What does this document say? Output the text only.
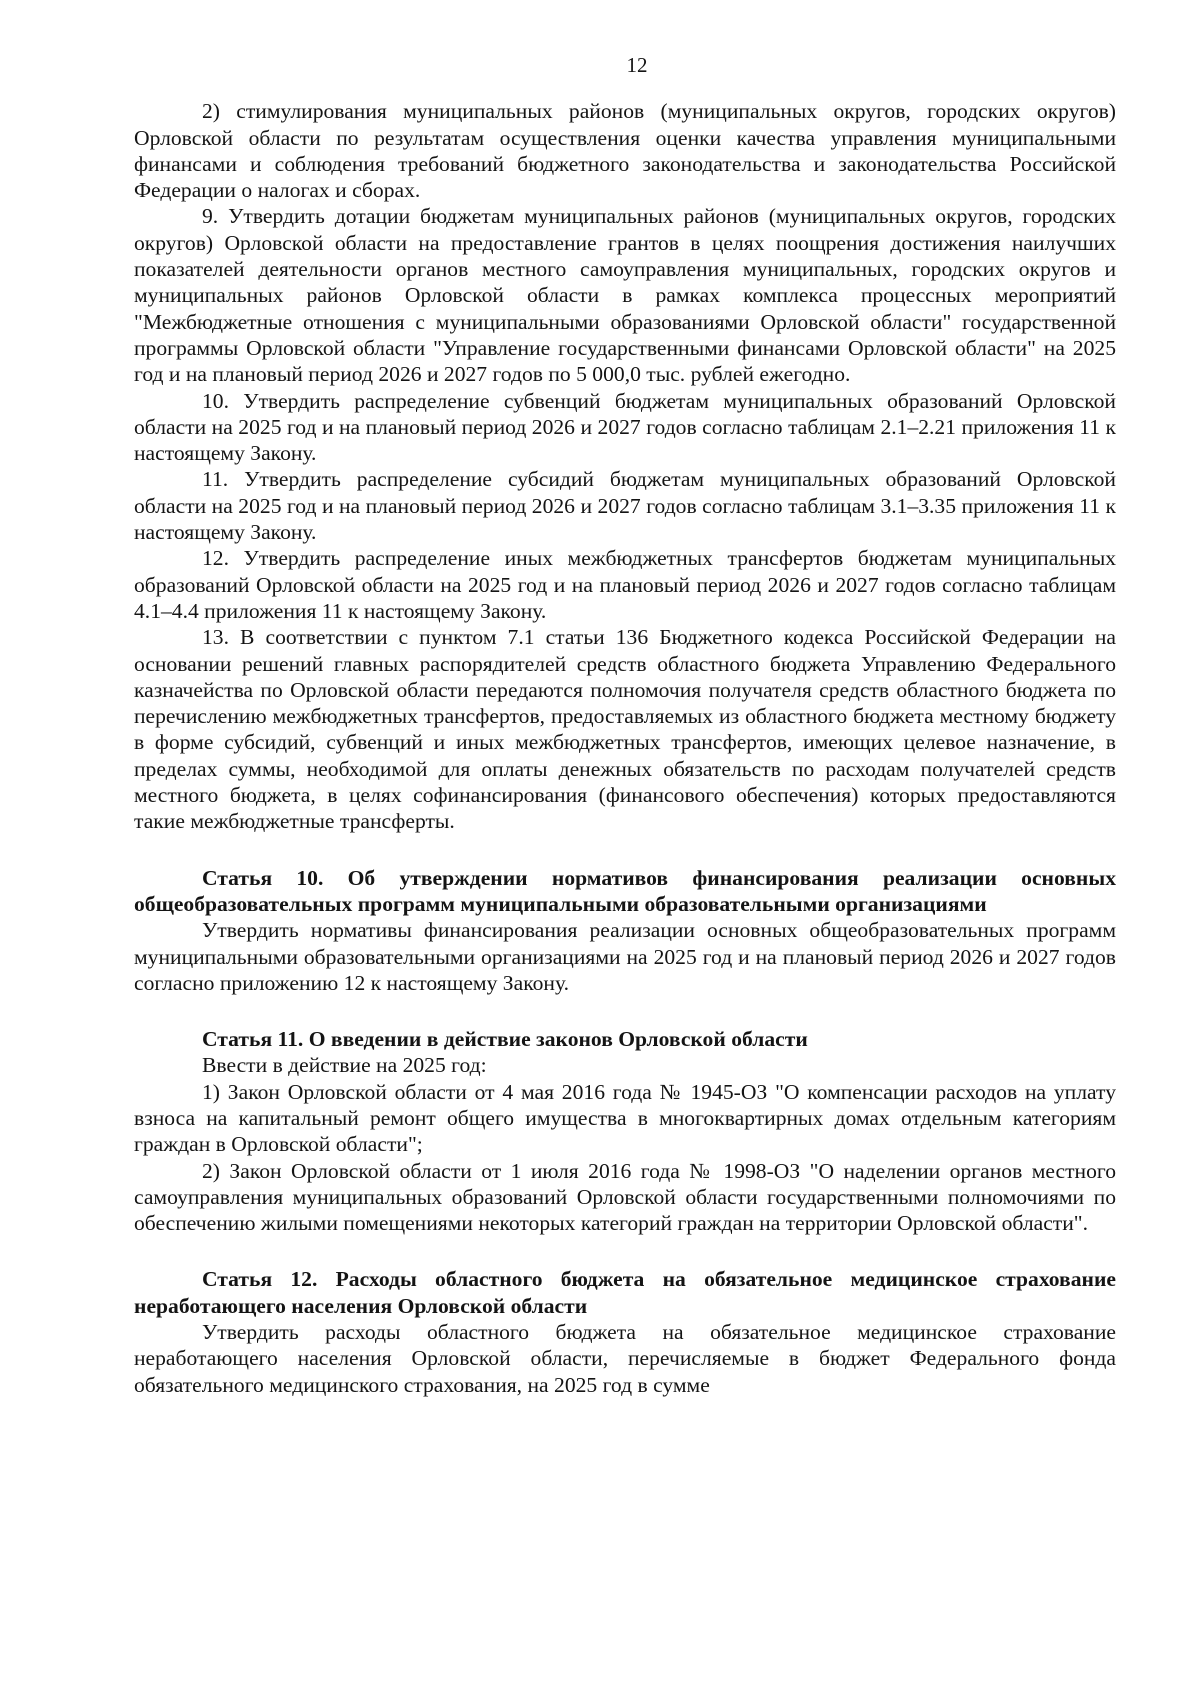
12

2) стимулирования муниципальных районов (муниципальных округов, городских округов) Орловской области по результатам осуществления оценки качества управления муниципальными финансами и соблюдения требований бюджетного законодательства и законодательства Российской Федерации о налогах и сборах.

9. Утвердить дотации бюджетам муниципальных районов (муниципальных округов, городских округов) Орловской области на предоставление грантов в целях поощрения достижения наилучших показателей деятельности органов местного самоуправления муниципальных, городских округов и муниципальных районов Орловской области в рамках комплекса процессных мероприятий "Межбюджетные отношения с муниципальными образованиями Орловской области" государственной программы Орловской области "Управление государственными финансами Орловской области" на 2025 год и на плановый период 2026 и 2027 годов по 5 000,0 тыс. рублей ежегодно.

10. Утвердить распределение субвенций бюджетам муниципальных образований Орловской области на 2025 год и на плановый период 2026 и 2027 годов согласно таблицам 2.1–2.21 приложения 11 к настоящему Закону.

11. Утвердить распределение субсидий бюджетам муниципальных образований Орловской области на 2025 год и на плановый период 2026 и 2027 годов согласно таблицам 3.1–3.35 приложения 11 к настоящему Закону.

12. Утвердить распределение иных межбюджетных трансфертов бюджетам муниципальных образований Орловской области на 2025 год и на плановый период 2026 и 2027 годов согласно таблицам 4.1–4.4 приложения 11 к настоящему Закону.

13. В соответствии с пунктом 7.1 статьи 136 Бюджетного кодекса Российской Федерации на основании решений главных распорядителей средств областного бюджета Управлению Федерального казначейства по Орловской области передаются полномочия получателя средств областного бюджета по перечислению межбюджетных трансфертов, предоставляемых из областного бюджета местному бюджету в форме субсидий, субвенций и иных межбюджетных трансфертов, имеющих целевое назначение, в пределах суммы, необходимой для оплаты денежных обязательств по расходам получателей средств местного бюджета, в целях софинансирования (финансового обеспечения) которых предоставляются такие межбюджетные трансферты.

Статья 10. Об утверждении нормативов финансирования реализации основных общеобразовательных программ муниципальными образовательными организациями

Утвердить нормативы финансирования реализации основных общеобразовательных программ муниципальными образовательными организациями на 2025 год и на плановый период 2026 и 2027 годов согласно приложению 12 к настоящему Закону.

Статья 11. О введении в действие законов Орловской области

Ввести в действие на 2025 год:

1) Закон Орловской области от 4 мая 2016 года № 1945-ОЗ "О компенсации расходов на уплату взноса на капитальный ремонт общего имущества в многоквартирных домах отдельным категориям граждан в Орловской области";

2) Закон Орловской области от 1 июля 2016 года № 1998-ОЗ "О наделении органов местного самоуправления муниципальных образований Орловской области государственными полномочиями по обеспечению жилыми помещениями некоторых категорий граждан на территории Орловской области".

Статья 12. Расходы областного бюджета на обязательное медицинское страхование неработающего населения Орловской области

Утвердить расходы областного бюджета на обязательное медицинское страхование неработающего населения Орловской области, перечисляемые в бюджет Федерального фонда обязательного медицинского страхования, на 2025 год в сумме
